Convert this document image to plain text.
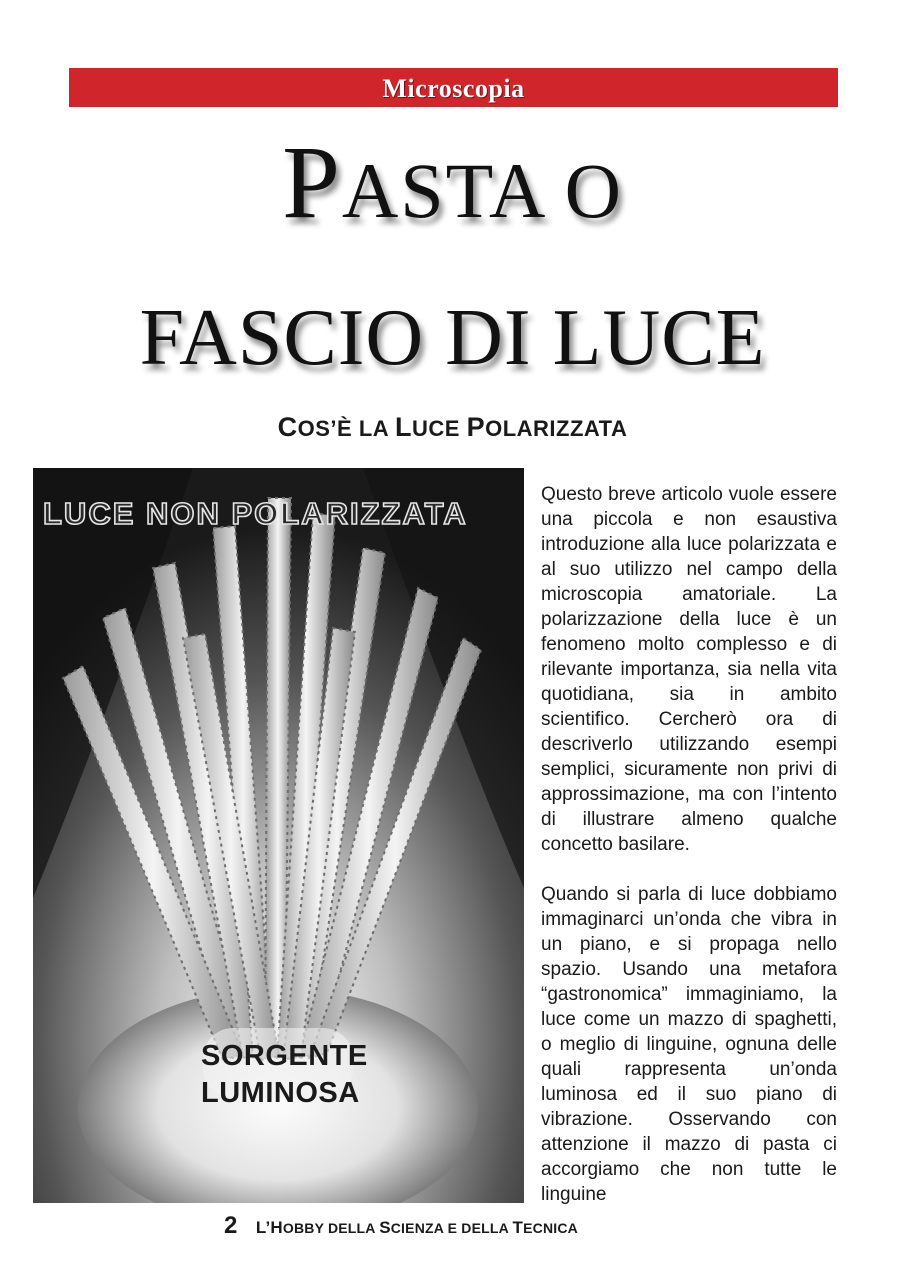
Microscopia
PASTA O
FASCIO DI LUCE
COS’È LA LUCE POLARIZZATA
LUCE NON POLARIZZATA
SORGENTE
LUMINOSA

Questo breve articolo vuole essere una piccola e non esaustiva introduzione alla luce polarizzata e al suo utilizzo nel campo della microscopia amatoriale. La polarizzazione della luce è un fenomeno molto complesso e di rilevante importanza, sia nella vita quotidiana, sia in ambito scientifico. Cercherò ora di descriverlo utilizzando esempi semplici, sicuramente non privi di approssimazione, ma con l’intento di illustrare almeno qualche concetto basilare.

Quando si parla di luce dobbiamo immaginarci un’onda che vibra in un piano, e si propaga nello spazio. Usando una metafora “gastronomica” immaginiamo, la luce come un mazzo di spaghetti, o meglio di linguine, ognuna delle quali rappresenta un’onda luminosa ed il suo piano di vibrazione. Osservando con attenzione il mazzo di pasta ci accorgiamo che non tutte le linguine

2 L’HOBBY DELLA SCIENZA E DELLA TECNICA
